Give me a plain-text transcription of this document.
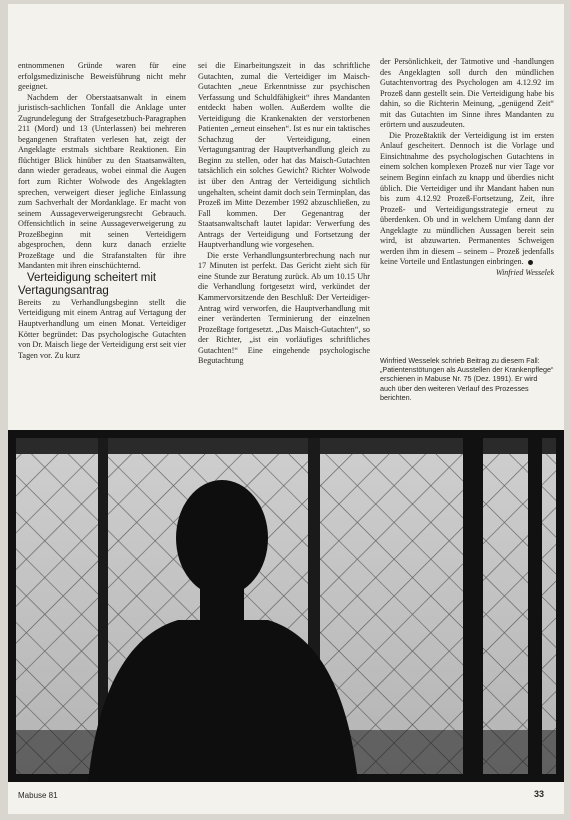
entnommenen Gründe waren für eine erfolgsmedizinische Beweisführung nicht mehr geeignet.

Nachdem der Oberstaatsanwalt in einem juristisch-sachlichen Tonfall die Anklage unter Zugrundelegung der Strafgesetzbuch-Paragraphen 211 (Mord) und 13 (Unterlassen) bei mehreren begangenen Straftaten verlesen hat, zeigt der Angeklagte erstmals sichtbare Reaktionen. Ein flüchtiger Blick hinüber zu den Staatsanwälten, dann wieder geradeaus, wobei einmal die Augen fort zum Richter Wolwode des Angeklagten sprechen, verweigert dieser jegliche Einlassung zum Sachverhalt der Mordanklage. Er macht von seinem Aussageverweigerungsrecht Gebrauch. Offensichtlich in seine Aussageverweigerung zu Prozeßbeginn mit seinen Verteidigern abgesprochen, denn kurz danach erzielte Prozeßtage und die Strafanstalten für ihre Mandanten mit ihren einschüchternd.

Verteidigung scheitert mit Vertagungsantrag

Bereits zu Verhandlungsbeginn stellt die Verteidigung mit einem Antrag auf Vertagung der Hauptverhandlung um einen Monat. Verteidiger Kötter begründet: Das psychologische Gutachten von Dr. Maisch liege der Verteidigung erst seit vier Tagen vor. Zu kurz

sei die Einarbeitungszeit in das schriftliche Gutachten, zumal die Verteidiger im Maisch-Gutachten „neue Erkenntnisse zur psychischen Verfassung und Schuldfähigkeit“ ihres Mandanten entdeckt haben wollen. Außerdem wollte die Verteidigung die Krankenakten der verstorbenen Patienten „erneut einsehen“. Ist es nur ein taktisches Schachzug der Verteidigung, einen Vertagungsantrag der Hauptverhandlung gleich zu Beginn zu stellen, oder hat das Maisch-Gutachten tatsächlich ein solches Gewicht? Richter Wolwode ist über den Antrag der Verteidigung sichtlich ungehalten, scheint damit doch sein Terminplan, das Prozeß im Mitte Dezember 1992 abzuschließen, zu Fall kommen. Der Gegenantrag der Staatsanwaltschaft lautet lapidar: Verwerfung des Antrags der Verteidigung und Fortsetzung der Hauptverhandlung wie vorgesehen.

Die erste Verhandlungsunterbrechung nach nur 17 Minuten ist perfekt. Das Gericht zieht sich für eine Stunde zur Beratung zurück. Ab um 10.15 Uhr die Verhandlung fortgesetzt wird, verkündet der Kammervorsitzende den Beschluß: Der Verteidiger-Antrag wird verworfen, die Hauptverhandlung mit einer veränderten Terminierung der einzelnen Prozeßtage fortgesetzt. „Das Maisch-Gutachten“, so der Richter, „ist ein vorläufiges schriftliches Gutachten!“ Eine eingehende psychologische Begutachtung

der Persönlichkeit, der Tatmotive und -handlungen des Angeklagten soll durch den mündlichen Gutachtenvortrag des Psychologen am 4.12.92 im Prozeß dann gestellt sein. Die Verteidigung habe bis dahin, so die Richterin Meinung, „genügend Zeit“ mit das Gutachten im Sinne ihres Mandanten zu erörtern und auszudeuten.

Die Prozeßtaktik der Verteidigung ist im ersten Anlauf gescheitert. Dennoch ist die Vorlage und Einsichtnahme des psychologischen Gutachtens in einem solchen komplexen Prozeß nur vier Tage vor seinem Beginn einfach zu knapp und überdies nicht üblich. Die Verteidiger und ihr Mandant haben nun bis zum 4.12.92 Prozeß-Fortsetzung, Zeit, ihre Prozeß- und Verteidigungsstrategie erneut zu überdenken. Ob und in welchem Umfang dann der Angeklagte zu mündlichen Aussagen bereit sein wird, ist abzuwarten. Permanentes Schweigen werden ihm in diesem – seinem – Prozeß jedenfalls keine Vorteile und Entlastungen einbringen.

Winfried Wesselek

Winfried Wesselek schrieb Beitrag zu diesem Fall: „Patientenstötungen als Ausstellen der Krankenpflege“ erschienen in Mabuse Nr. 75 (Dez. 1991). Er wird auch über den weiteren Verlauf des Prozesses berichten.
Mabuse 81	33
